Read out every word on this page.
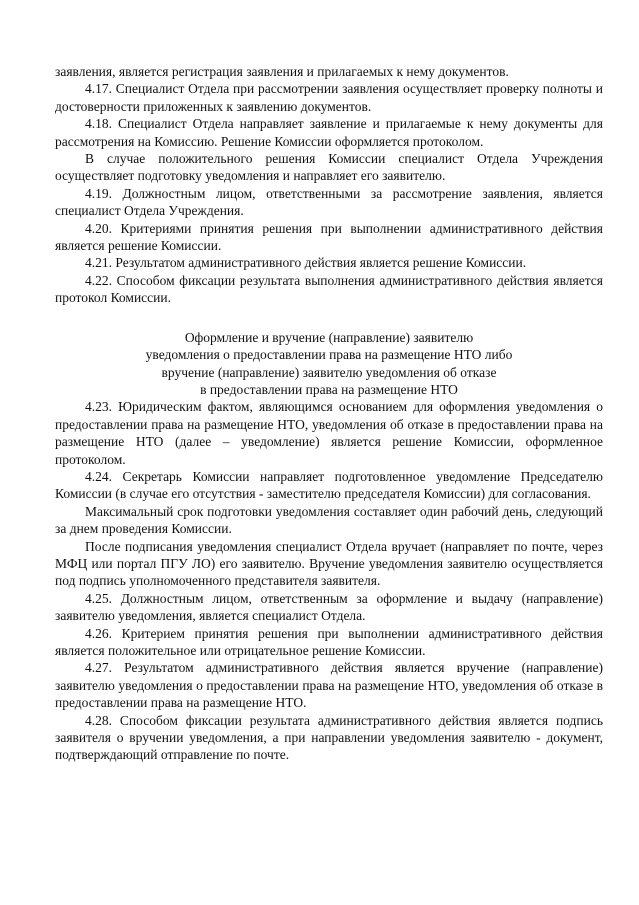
заявления, является регистрация заявления и прилагаемых к нему документов.

4.17. Специалист Отдела при рассмотрении заявления осуществляет проверку полноты и достоверности приложенных к заявлению документов.

4.18. Специалист Отдела направляет заявление и прилагаемые к нему документы для рассмотрения на Комиссию. Решение Комиссии оформляется протоколом.

В случае положительного решения Комиссии специалист Отдела Учреждения осуществляет подготовку уведомления и направляет его заявителю.

4.19. Должностным лицом, ответственными за рассмотрение заявления, является специалист Отдела Учреждения.

4.20. Критериями принятия решения при выполнении административного действия является решение Комиссии.

4.21. Результатом административного действия является решение Комиссии.

4.22. Способом фиксации результата выполнения административного действия является протокол Комиссии.

Оформление и вручение (направление) заявителю
уведомления о предоставлении права на размещение НТО либо
вручение (направление) заявителю уведомления об отказе
в предоставлении права на размещение НТО

4.23. Юридическим фактом, являющимся основанием для оформления уведомления о предоставлении права на размещение НТО, уведомления об отказе в предоставлении права на размещение НТО (далее – уведомление) является решение Комиссии, оформленное протоколом.

4.24. Секретарь Комиссии направляет подготовленное уведомление Председателю Комиссии (в случае его отсутствия - заместителю председателя Комиссии) для согласования.

Максимальный срок подготовки уведомления составляет один рабочий день, следующий за днем проведения Комиссии.

После подписания уведомления специалист Отдела вручает (направляет по почте, через МФЦ или портал ПГУ ЛО) его заявителю. Вручение уведомления заявителю осуществляется под подпись уполномоченного представителя заявителя.

4.25. Должностным лицом, ответственным за оформление и выдачу (направление) заявителю уведомления, является специалист Отдела.

4.26. Критерием принятия решения при выполнении административного действия является положительное или отрицательное решение Комиссии.

4.27. Результатом административного действия является вручение (направление) заявителю уведомления о предоставлении права на размещение НТО, уведомления об отказе в предоставлении права на размещение НТО.

4.28. Способом фиксации результата административного действия является подпись заявителя о вручении уведомления, а при направлении уведомления заявителю - документ, подтверждающий отправление по почте.
